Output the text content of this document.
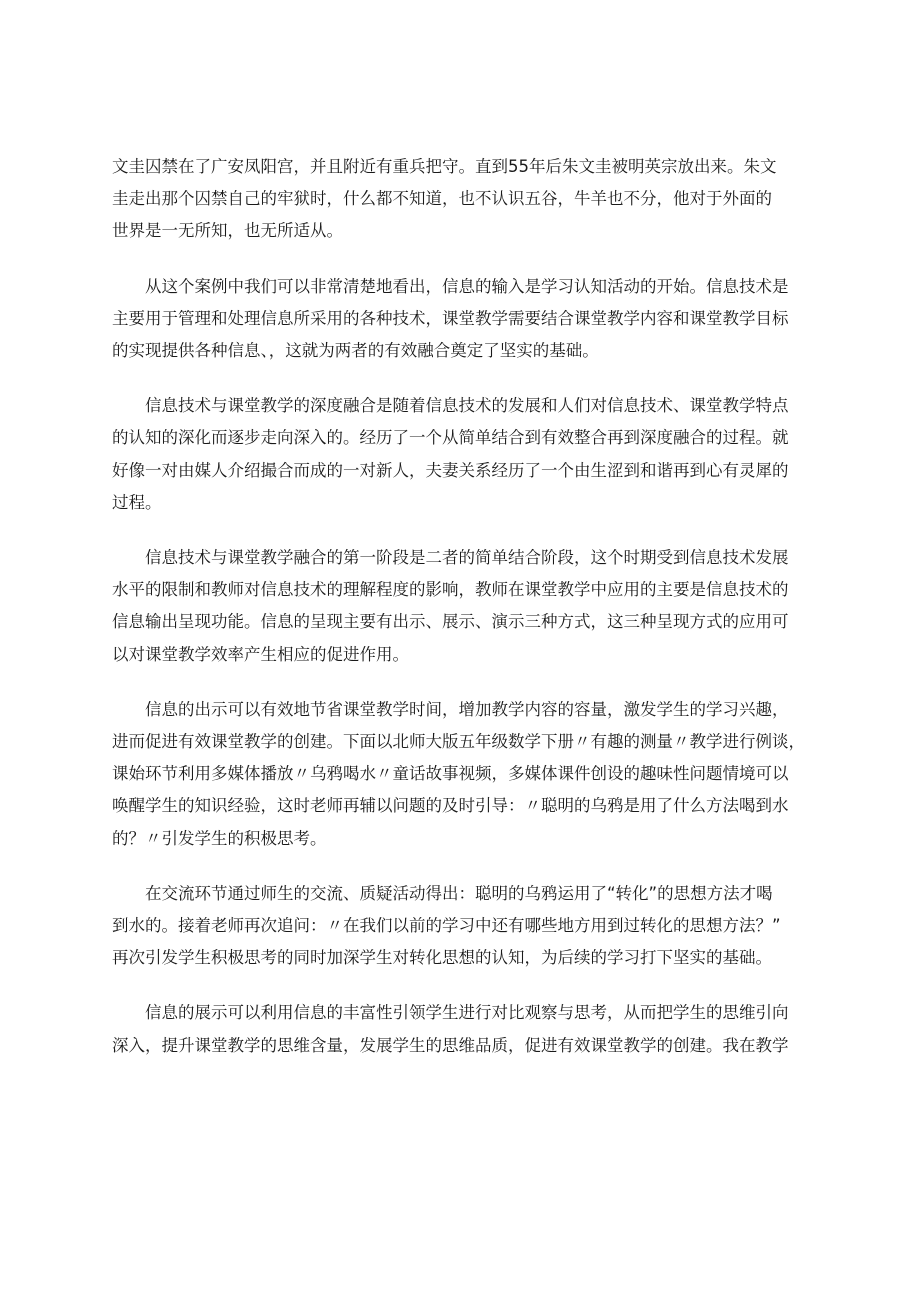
文圭囚禁在了广安凤阳宫，并且附近有重兵把守。直到55年后朱文圭被明英宗放出来。朱文
圭走出那个囚禁自己的牢狱时，什么都不知道，也不认识五谷，牛羊也不分，他对于外面的
世界是一无所知，也无所适从。

　　从这个案例中我们可以非常清楚地看出，信息的输入是学习认知活动的开始。信息技术是
主要用于管理和处理信息所采用的各种技术，课堂教学需要结合课堂教学内容和课堂教学目标
的实现提供各种信息、，这就为两者的有效融合奠定了坚实的基础。

　　信息技术与课堂教学的深度融合是随着信息技术的发展和人们对信息技术、课堂教学特点
的认知的深化而逐步走向深入的。经历了一个从简单结合到有效整合再到深度融合的过程。就
好像一对由媒人介绍撮合而成的一对新人，夫妻关系经历了一个由生涩到和谐再到心有灵犀的
过程。

　　信息技术与课堂教学融合的第一阶段是二者的简单结合阶段，这个时期受到信息技术发展
水平的限制和教师对信息技术的理解程度的影响，教师在课堂教学中应用的主要是信息技术的
信息输出呈现功能。信息的呈现主要有出示、展示、演示三种方式，这三种呈现方式的应用可
以对课堂教学效率产生相应的促进作用。

　　信息的出示可以有效地节省课堂教学时间，增加教学内容的容量，激发学生的学习兴趣，
进而促进有效课堂教学的创建。下面以北师大版五年级数学下册〃有趣的测量〃教学进行例谈，
课始环节利用多媒体播放〃乌鸦喝水〃童话故事视频，多媒体课件创设的趣味性问题情境可以
唤醒学生的知识经验，这时老师再辅以问题的及时引导：〃聪明的乌鸦是用了什么方法喝到水
的？〃引发学生的积极思考。

　　在交流环节通过师生的交流、质疑活动得出：聪明的乌鸦运用了“转化”的思想方法才喝
到水的。接着老师再次追问：〃在我们以前的学习中还有哪些地方用到过转化的思想方法？”
再次引发学生积极思考的同时加深学生对转化思想的认知，为后续的学习打下坚实的基础。

　　信息的展示可以利用信息的丰富性引领学生进行对比观察与思考，从而把学生的思维引向
深入，提升课堂教学的思维含量，发展学生的思维品质，促进有效课堂教学的创建。我在教学
